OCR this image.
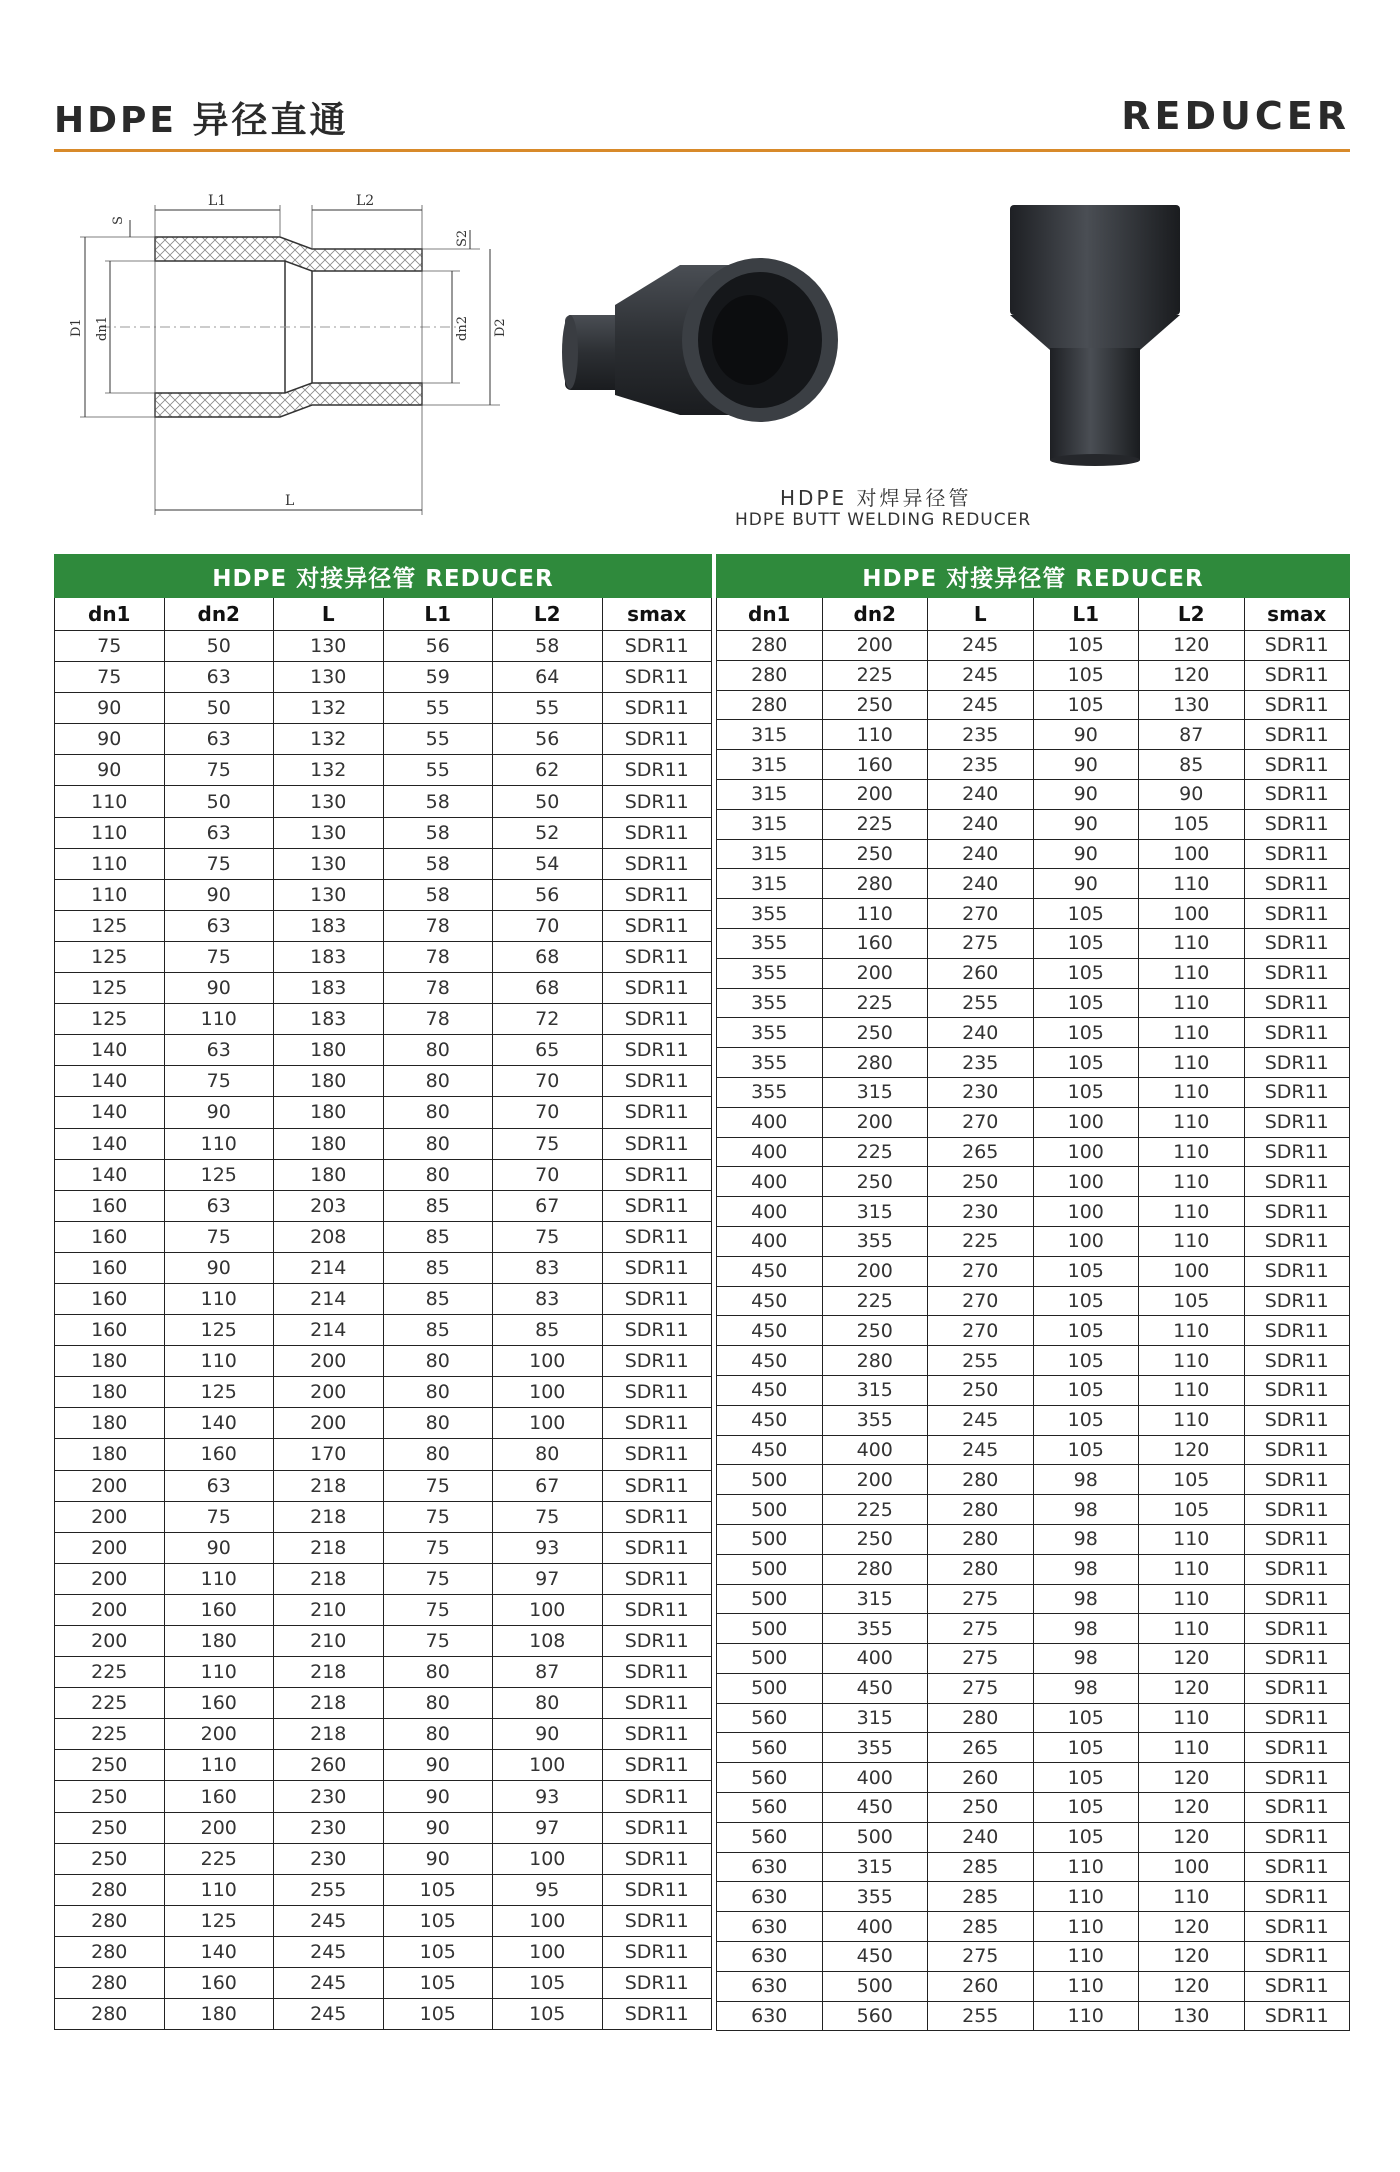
HDPE 异径直通	REDUCER
L1	L2
L
S
S2
D1 dn1	dn2 D2
HDPE 对焊异径管
HDPE BUTT WELDING REDUCER
HDPE 对接异径管 REDUCER					
dn1	dn2	L	L1	L2	smax
75	50	130	56	58	SDR11
75	63	130	59	64	SDR11
90	50	132	55	55	SDR11
90	63	132	55	56	SDR11
90	75	132	55	62	SDR11
110	50	130	58	50	SDR11
110	63	130	58	52	SDR11
110	75	130	58	54	SDR11
110	90	130	58	56	SDR11
125	63	183	78	70	SDR11
125	75	183	78	68	SDR11
125	90	183	78	68	SDR11
125	110	183	78	72	SDR11
140	63	180	80	65	SDR11
140	75	180	80	70	SDR11
140	90	180	80	70	SDR11
140	110	180	80	75	SDR11
140	125	180	80	70	SDR11
160	63	203	85	67	SDR11
160	75	208	85	75	SDR11
160	90	214	85	83	SDR11
160	110	214	85	83	SDR11
160	125	214	85	85	SDR11
180	110	200	80	100	SDR11
180	125	200	80	100	SDR11
180	140	200	80	100	SDR11
180	160	170	80	80	SDR11
200	63	218	75	67	SDR11
200	75	218	75	75	SDR11
200	90	218	75	93	SDR11
200	110	218	75	97	SDR11
200	160	210	75	100	SDR11
200	180	210	75	108	SDR11
225	110	218	80	87	SDR11
225	160	218	80	80	SDR11
225	200	218	80	90	SDR11
250	110	260	90	100	SDR11
250	160	230	90	93	SDR11
250	200	230	90	97	SDR11
250	225	230	90	100	SDR11
280	110	255	105	95	SDR11
280	125	245	105	100	SDR11
280	140	245	105	100	SDR11
280	160	245	105	105	SDR11
280	180	245	105	105	SDR11
HDPE 对接异径管 REDUCER					
dn1	dn2	L	L1	L2	smax
280	200	245	105	120	SDR11
280	225	245	105	120	SDR11
280	250	245	105	130	SDR11
315	110	235	90	87	SDR11
315	160	235	90	85	SDR11
315	200	240	90	90	SDR11
315	225	240	90	105	SDR11
315	250	240	90	100	SDR11
315	280	240	90	110	SDR11
355	110	270	105	100	SDR11
355	160	275	105	110	SDR11
355	200	260	105	110	SDR11
355	225	255	105	110	SDR11
355	250	240	105	110	SDR11
355	280	235	105	110	SDR11
355	315	230	105	110	SDR11
400	200	270	100	110	SDR11
400	225	265	100	110	SDR11
400	250	250	100	110	SDR11
400	315	230	100	110	SDR11
400	355	225	100	110	SDR11
450	200	270	105	100	SDR11
450	225	270	105	105	SDR11
450	250	270	105	110	SDR11
450	280	255	105	110	SDR11
450	315	250	105	110	SDR11
450	355	245	105	110	SDR11
450	400	245	105	120	SDR11
500	200	280	98	105	SDR11
500	225	280	98	105	SDR11
500	250	280	98	110	SDR11
500	280	280	98	110	SDR11
500	315	275	98	110	SDR11
500	355	275	98	110	SDR11
500	400	275	98	120	SDR11
500	450	275	98	120	SDR11
560	315	280	105	110	SDR11
560	355	265	105	110	SDR11
560	400	260	105	120	SDR11
560	450	250	105	120	SDR11
560	500	240	105	120	SDR11
630	315	285	110	100	SDR11
630	355	285	110	110	SDR11
630	400	285	110	120	SDR11
630	450	275	110	120	SDR11
630	500	260	110	120	SDR11
630	560	255	110	130	SDR11
